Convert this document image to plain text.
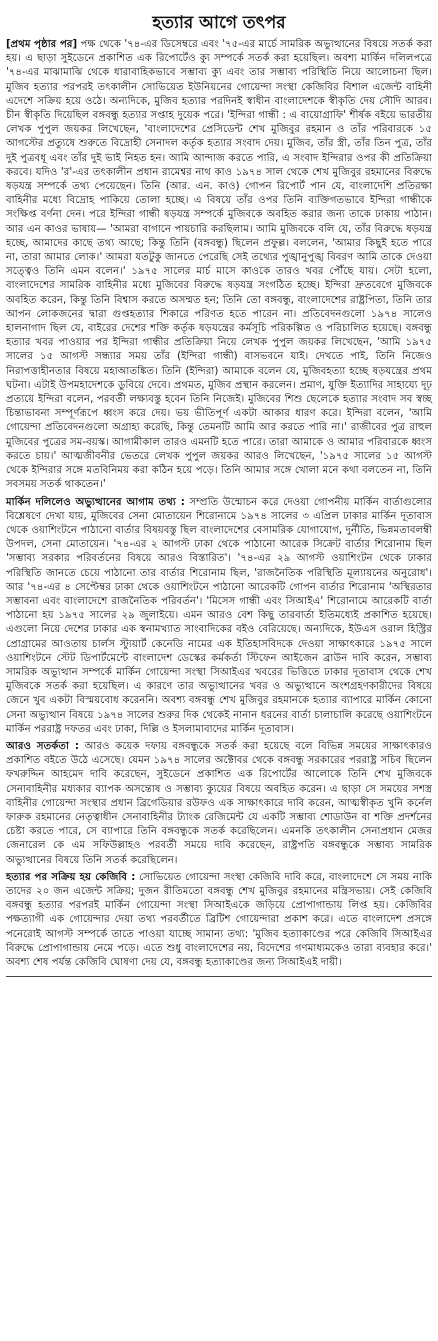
হত্যার আগে তৎপর

[প্রথম পৃষ্ঠার পর] পক্ষ থেকে '৭৪-এর ডিসেম্বরে এবং '৭৫-এর মার্চে সামরিক অভ্যুত্থানের বিষয়ে সতর্ক করা হয়। এ ছাড়া সুইডেনে প্রকাশিত এক রিপোর্টেও ক্যু সম্পর্কে সতর্ক করা হয়েছিল। অবশ্য মার্কিন দলিলপত্রে '৭৪-এর মাঝামাঝি থেকে ধারাবাহিকভাবে সম্ভাব্য ক্যু এবং তার সম্ভাব্য পরিস্থিতি নিয়ে আলোচনা ছিল। মুজিব হত্যার পরপরই তৎকালীন সোভিয়েত ইউনিয়নের গোয়েন্দা সংস্থা কেজিবির বিশাল এজেন্ট বাহিনী এদেশে সক্রিয় হয়ে ওঠে। অন্যদিকে, মুজিব হত্যার পরদিনই স্বাধীন বাংলাদেশকে স্বীকৃতি দেয় সৌদি আরব। চীন স্বীকৃতি দিয়েছিল বঙ্গবন্ধু হত্যার সপ্তাহ দুয়েক পরে। 'ইন্দিরা গান্ধী : এ বায়োগ্রাফি' শীর্ষক বইয়ে ভারতীয় লেখক পুপুল জয়কর লিখেছেন, 'বাংলাদেশের প্রেসিডেন্ট শেখ মুজিবুর রহমান ও তাঁর পরিবারকে ১৫ আগস্টের প্রত্যুষে শুরুতে বিদ্রোহী সেনাদল কর্তৃক হত্যার সংবাদ দেয়। মুজিব, তাঁর স্ত্রী, তাঁর তিন পুত্র, তাঁর দুই পুত্রবধূ এবং তাঁর দুই ভাই নিহত হন। আমি আন্দাজ করতে পারি, এ সংবাদ ইন্দিরার ওপর কী প্রতিক্রিয়া করবে। যদিও 'র'-এর তৎকালীন প্রধান রামেশ্বর নাথ কাও ১৯৭৪ সাল থেকে শেখ মুজিবুর রহমানের বিরুদ্ধে ষড়যন্ত্র সম্পর্কে তথ্য পেয়েছেন। তিনি (আর. এন. কাও) গোপন রিপোর্ট পান যে, বাংলাদেশি প্রতিরক্ষা বাহিনীর মধ্যে বিদ্রোহ পাকিয়ে তোলা হচ্ছে। এ বিষয়ে তাঁর ওপর তিনি ব্যক্তিগতভাবে ইন্দিরা গান্ধীকে সংক্ষিপ্ত বর্ণনা দেন। পরে ইন্দিরা গান্ধী ষড়যন্ত্র সম্পর্কে মুজিবকে অবহিত করার জন্য তাকে ঢাকায় পাঠান। আর এন কাওর ভাষায়— 'আমরা বাগানে পায়চারি করছিলাম। আমি মুজিবকে বলি যে, তাঁর বিরুদ্ধে ষড়যন্ত্র হচ্ছে, আমাদের কাছে তথ্য আছে; কিন্তু তিনি (বঙ্গবন্ধু) ছিলেন প্রফুল্ল। বললেন, 'আমার কিছুই হতে পারে না, তারা আমার লোক।' আমরা যতটুকু জানতে পেরেছি সেই তথ্যের পুঙ্খানুপুঙ্খ বিবরণ আমি তাকে দেওয়া সত্ত্বেও তিনি এমন বলেন।' ১৯৭৫ সালের মার্চ মাসে কাওকে তারও খবর পৌঁছে যায়। সেটা হলো, বাংলাদেশের সামরিক বাহিনীর মধ্যে মুজিবের বিরুদ্ধে ষড়যন্ত্র সংগঠিত হচ্ছে। ইন্দিরা দ্রুতবেগে মুজিবকে অবহিত করেন, কিন্তু তিনি বিশ্বাস করতে অসম্মত হন; তিনি তো বঙ্গবন্ধু, বাংলাদেশের রাষ্ট্রপিতা, তিনি তার আপন লোকজনের দ্বারা গুপ্তহত্যার শিকারে পরিণত হতে পারেন না। প্রতিবেদনগুলো ১৯৭৪ সালেও হালনাগাদ ছিল যে, বাইরের দেশের শক্তি কর্তৃক ষড়যন্ত্রের কর্মসূচি পরিকল্পিত ও পরিচালিত হয়েছে। বঙ্গবন্ধু হত্যার খবর পাওয়ার পর ইন্দিরা গান্ধীর প্রতিক্রিয়া নিয়ে লেখক পুপুল জয়কর লিখেছেন, 'আমি ১৯৭৫ সালের ১৫ আগস্ট সন্ধ্যার সময় তাঁর (ইন্দিরা গান্ধী) বাসভবনে যাই। দেখতে পাই, তিনি নিজেও নিরাপত্তাহীনতার বিষয়ে মহাআতঙ্কিত। তিনি (ইন্দিরা) আমাকে বলেন যে, মুজিবহত্যা হচ্ছে ষড়যন্ত্রের প্রথম ঘটনা। এটাই উপমহাদেশকে ডুবিয়ে দেবে। প্রথমত, মুজিব প্রস্থান করলেন। প্রমাণ, যুক্তি ইত্যাদির সাহায্যে দূঢ় প্রত্যয়ে ইন্দিরা বলেন, পরবর্তী লক্ষ্যবস্তু হবেন তিনি নিজেই। মুজিবের শিশু ছেলেকে হত্যার সংবাদ সব স্বচ্ছ চিন্তাভাবনা সম্পূর্ণরূপে ধ্বংস করে দেয়। ভয় ভীতিপূর্ণ একটা আকার ধারণ করে। ইন্দিরা বলেন, 'আমি গোয়েন্দা প্রতিবেদনগুলো অগ্রাহ্য করেছি, কিন্তু তেমনটি আমি আর করতে পারি না।' রাজীবের পুত্র রাহুল মুজিবের পুত্রের সম-বয়স্ক। আগামীকাল তারও এমনটি হতে পারে। তারা আমাকে ও আমার পরিবারকে ধ্বংস করতে চায়।' আত্মজীবনীর ভেতরে লেখক পুপুল জয়কর আরও লিখেছেন, '১৯৭৫ সালের ১৫ আগস্ট থেকে ইন্দিরার সঙ্গে মতবিনিময় করা কঠিন হয়ে পড়ে। তিনি আমার সঙ্গে খোলা মনে কথা বলতেন না, তিনি সবসময় সতর্ক থাকতেন।'

মার্কিন দলিলেও অভ্যুত্থানের আগাম তথ্য : সম্প্রতি উন্মোচন করে দেওয়া গোপনীয় মার্কিন বার্তাগুলোর বিশ্লেষণে দেখা যায়, মুজিবের সেনা মোতায়েন শিরোনামে ১৯৭৪ সালের ৩ এপ্রিল ঢাকার মার্কিন দূতাবাস থেকে ওয়াশিংটনে পাঠানো বার্তার বিষয়বস্তু ছিল বাংলাদেশের বেসামরিক যোগাযোগ, দুর্নীতি, ভিন্নমতাবলম্বী উপদল, সেনা মোতায়েন। '৭৪-এর ২ আগস্ট ঢাকা থেকে পাঠানো আরেক সিক্রেট বার্তার শিরোনাম ছিল 'সম্ভাব্য সরকার পরিবর্তনের বিষয়ে আরও বিস্তারিত'। '৭৪-এর ২৯ আগস্ট ওয়াশিংটন থেকে ঢাকার পরিস্থিতি জানতে চেয়ে পাঠানো তার বার্তার শিরোনাম ছিল, 'রাজনৈতিক পরিস্থিতি মূল্যায়নের অনুরোধ'। আর '৭৪-এর ৪ সেপ্টেম্বর ঢাকা থেকে ওয়াশিংটনে পাঠানো আরেকটি গোপন বার্তার শিরোনাম 'অস্থিরতার সম্ভাবনা এবং বাংলাদেশে রাজনৈতিক পরিবর্তন'। 'মিসেস গান্ধী এবং সিআইএ' শিরোনামে আরেকটি বার্তা পাঠানো হয় ১৯৭৫ সালের ২৯ জুলাইয়ে। এমন আরও বেশ কিছু তারবার্তা ইতিমধ্যেই প্রকাশিত হয়েছে। এগুলো নিয়ে দেশের ঢাকার এক স্বনামখ্যাত সাংবাদিকের বইও বেরিয়েছে। অন্যদিকে, ইউএস ওরাল হিস্ট্রির প্রোগ্রামের আওতায় চার্লস স্ট্যুয়ার্ট কেনেডি নামের এক ইতিহাসবিদকে দেওয়া সাক্ষাৎকারে ১৯৭৫ সালে ওয়াশিংটনে স্টেট ডিপার্টমেন্টে বাংলাদেশ ডেস্কের কর্মকর্তা স্টিফেন আইজেন ব্রাউন দাবি করেন, সম্ভাব্য সামরিক অভ্যুত্থান সম্পর্কে মার্কিন গোয়েন্দা সংস্থা সিআইএর খবরের ভিত্তিতে ঢাকার দূতাবাস থেকে শেখ মুজিবকে সতর্ক করা হয়েছিল। এ কারণে তার অভ্যুত্থানের খবর ও অভ্যুত্থানে অংশগ্রহণকারীদের বিষয়ে জেনে খুব একটা বিস্ময়বোধ করেননি। অবশ্য বঙ্গবন্ধু শেখ মুজিবুর রহমানকে হত্যার ব্যাপারে মার্কিন কোনো সেনা অভ্যুত্থান বিষয়ে ১৯৭৪ সালের শুরুর দিক থেকেই নানান ধরনের বার্তা চালাচালি করেছে ওয়াশিংটনে মার্কিন পররাষ্ট্র দফতর এবং ঢাকা, দিল্লি ও ইসলামাবাদের মার্কিন দূতাবাস।

আরও সতর্কতা : আরও কয়েক দফায় বঙ্গবন্ধুকে সতর্ক করা হয়েছে বলে বিভিন্ন সময়ের সাক্ষাৎকারও প্রকাশিত বইতে উঠে এসেছে। যেমন ১৯৭৪ সালের অক্টোবর থেকে বঙ্গবন্ধু সরকারের পররাষ্ট্র সচিব ছিলেন ফখরুদ্দিন আহমেদ দাবি করেছেন, সুইডেনে প্রকাশিত এক রিপোর্টের আলোকে তিনি শেখ মুজিবকে সেনাবাহিনীর মধ্যকার ব্যাপক অসন্তোষ ও সম্ভাব্য ক্যুয়ের বিষয়ে অবহিত করেন। এ ছাড়া সে সময়ের সশস্ত্র বাহিনীর গোয়েন্দা সংস্থার প্রধান ব্রিগেডিয়ার রউফও এক সাক্ষাৎকারে দাবি করেন, আত্মস্বীকৃত খুনি কর্নেল ফারুক রহমানের নেতৃত্বাধীন সেনাবাহিনীর ট্যাংক রেজিমেন্ট যে একটি সম্ভাব্য শোডাউন বা শক্তি প্রদর্শনের চেষ্টা করতে পারে, সে ব্যাপারে তিনি বঙ্গবন্ধুকে সতর্ক করেছিলেন। এমনকি তৎকালীন সেনাপ্রধান মেজর জেনারেল কে এম সফিউল্লাহও পরবর্তী সময়ে দাবি করেছেন, রাষ্ট্রপতি বঙ্গবন্ধুকে সম্ভাব্য সামরিক অভ্যুত্থানের বিষয়ে তিনি সতর্ক করেছিলেন।

হত্যার পর সক্রিয় হয় কেজিবি : সোভিয়েত গোয়েন্দা সংস্থা কেজিবি দাবি করে, বাংলাদেশে সে সময় নাকি তাদের ২০ জন এজেন্ট সক্রিয়; দুজন রীতিমতো বঙ্গবন্ধু শেখ মুজিবুর রহমানের মন্ত্রিসভায়। সেই কেজিবি বঙ্গবন্ধু হত্যার পরপরই মার্কিন গোয়েন্দা সংস্থা সিআইএকে জড়িয়ে প্রোপাগান্ডায় লিপ্ত হয়। কেজিবির পক্ষত্যাগী এক গোয়েন্দার দেয়া তথ্য পরবর্তীতে ব্রিটিশ গোয়েন্দারা প্রকাশ করে। এতে বাংলাদেশ প্রসঙ্গে পনেরোই আগস্ট সম্পর্কে তাতে পাওয়া যাচ্ছে সামান্য তথ্য: 'মুজিব হত্যাকাণ্ডের পরে কেজিবি সিআইএর বিরুদ্ধে প্রোপাগান্ডায় নেমে পড়ে। এতে শুধু বাংলাদেশের নয়, বিদেশের গণমাধ্যমকেও তারা ব্যবহার করে।' অবশ্য শেষ পর্যন্ত কেজিবি ঘোষণা দেয় যে, বঙ্গবন্ধু হত্যাকাণ্ডের জন্য সিআইএই দায়ী।
